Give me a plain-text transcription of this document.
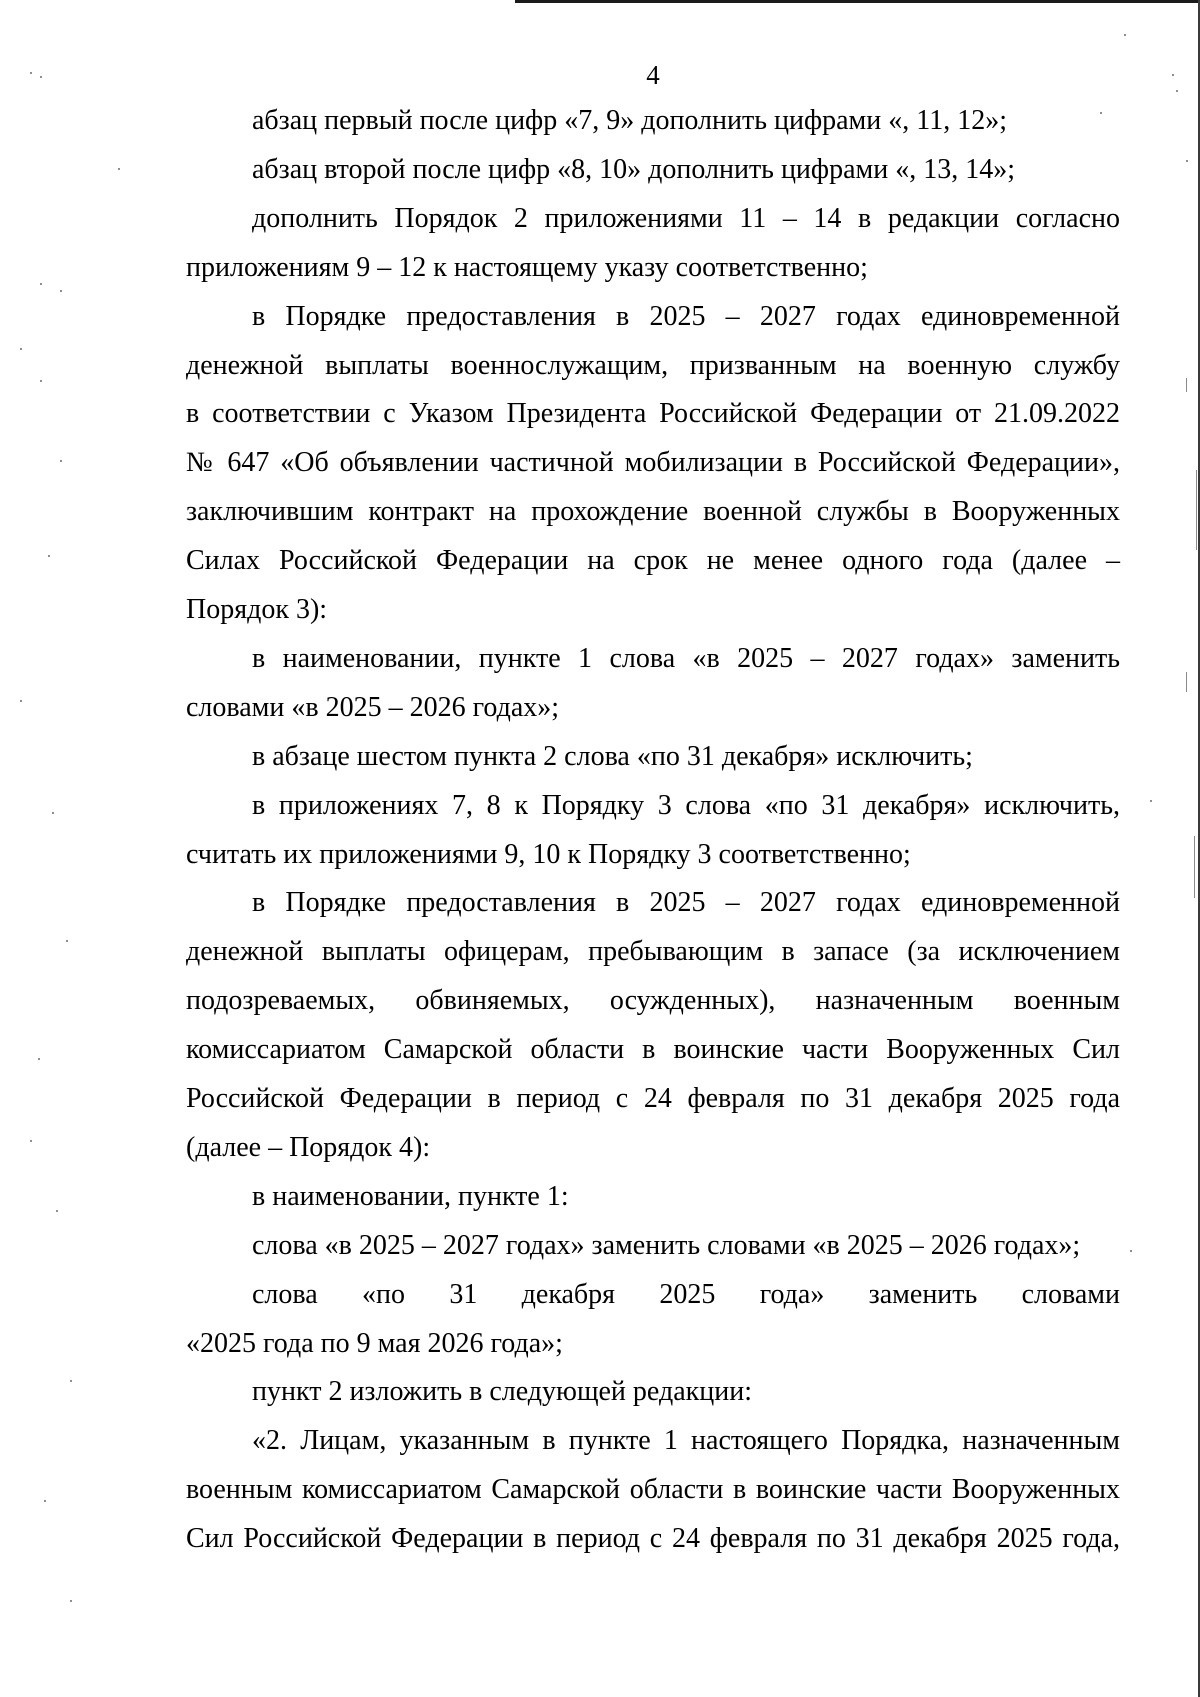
4
абзац первый после цифр «7, 9» дополнить цифрами «, 11, 12»;
абзац второй после цифр «8, 10» дополнить цифрами «, 13, 14»;
дополнить Порядок 2 приложениями 11 – 14 в редакции согласно
приложениям 9 – 12 к настоящему указу соответственно;
в Порядке предоставления в 2025 – 2027 годах единовременной
денежной выплаты военнослужащим, призванным на военную службу
в соответствии с Указом Президента Российской Федерации от 21.09.2022
№ 647 «Об объявлении частичной мобилизации в Российской Федерации»,
заключившим контракт на прохождение военной службы в Вооруженных
Силах Российской Федерации на срок не менее одного года (далее –
Порядок 3):
в наименовании, пункте 1 слова «в 2025 – 2027 годах» заменить
словами «в 2025 – 2026 годах»;
в абзаце шестом пункта 2 слова «по 31 декабря» исключить;
в приложениях 7, 8 к Порядку 3 слова «по 31 декабря» исключить,
считать их приложениями 9, 10 к Порядку 3 соответственно;
в Порядке предоставления в 2025 – 2027 годах единовременной
денежной выплаты офицерам, пребывающим в запасе (за исключением
подозреваемых, обвиняемых, осужденных), назначенным военным
комиссариатом Самарской области в воинские части Вооруженных Сил
Российской Федерации в период с 24 февраля по 31 декабря 2025 года
(далее – Порядок 4):
в наименовании, пункте 1:
слова «в 2025 – 2027 годах» заменить словами «в 2025 – 2026 годах»;
слова «по 31 декабря 2025 года» заменить словами
«2025 года по 9 мая 2026 года»;
пункт 2 изложить в следующей редакции:
«2. Лицам, указанным в пункте 1 настоящего Порядка, назначенным
военным комиссариатом Самарской области в воинские части Вооруженных
Сил Российской Федерации в период с 24 февраля по 31 декабря 2025 года,
